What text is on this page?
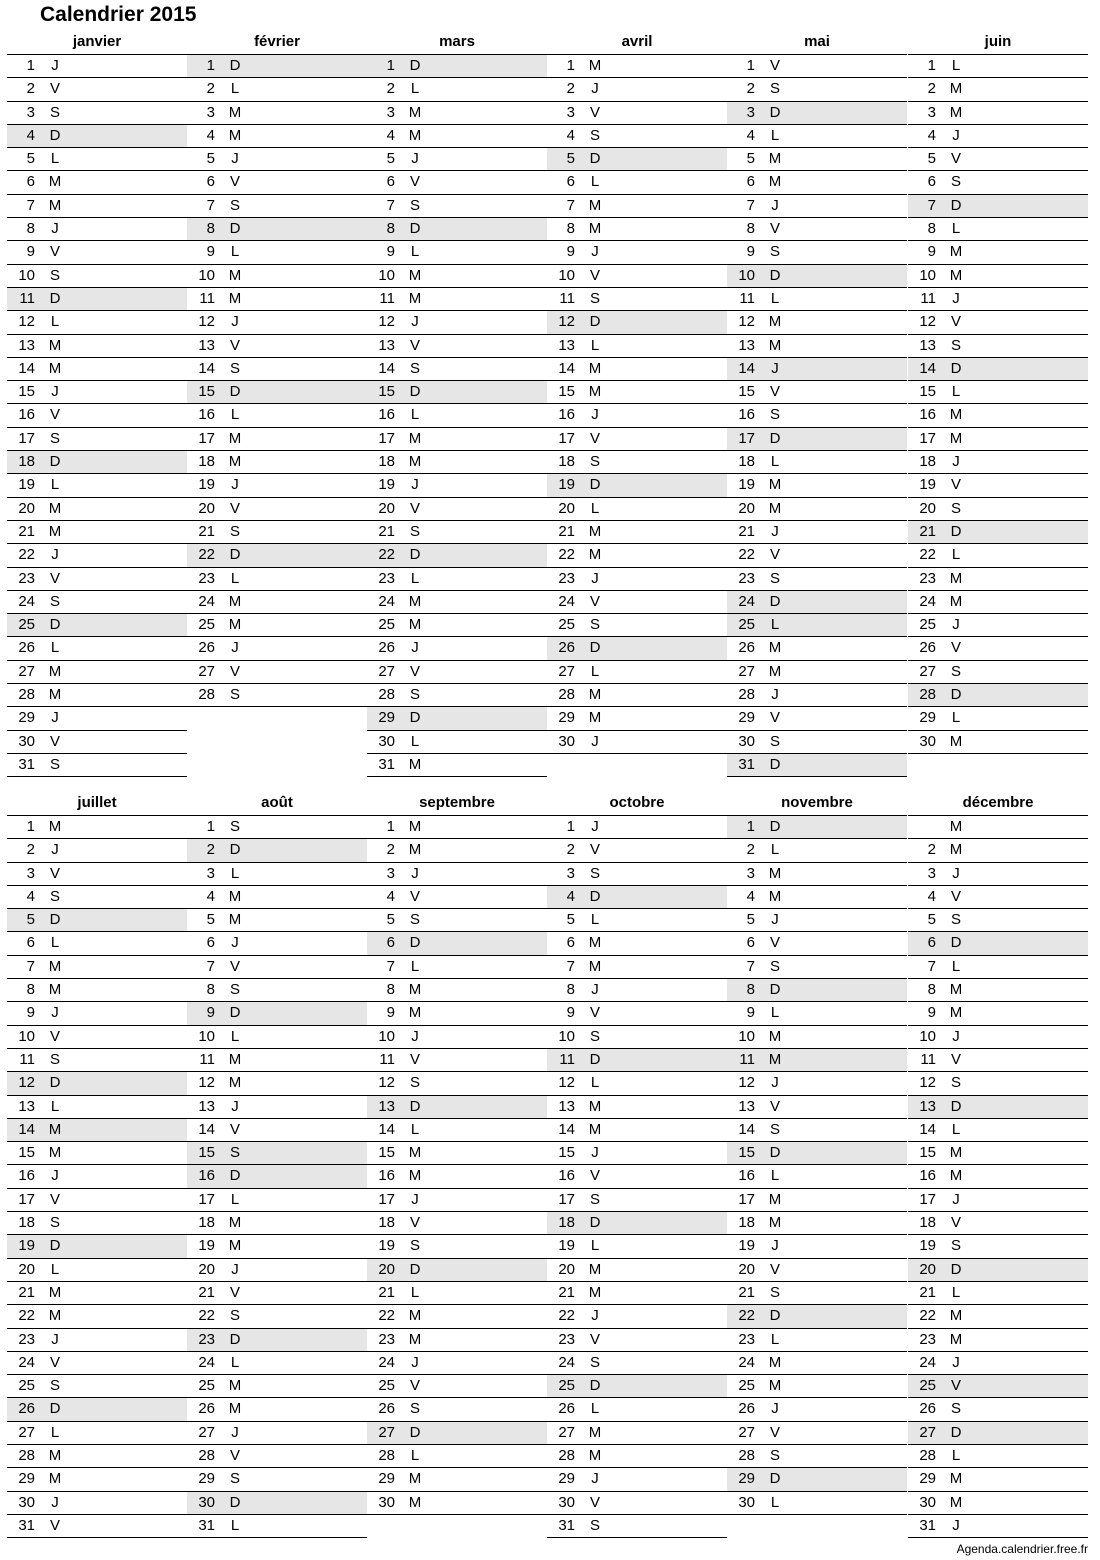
Calendrier 2015
janvier
1	J
2 V
3 S
4 D
5	L
6 M
7 M
8	J
9 V
10 S
11 D
12	L
13 M
14 M
15	J
16 V
17 S
18 D
19	L
20 M
21 M
22	J
23 V
24 S
25 D
26	L
27 M
28 M
29	J
30 V
31 S
février
1 D
2	L
3 M
4 M
5	J
6 V
7 S
8 D
9	L
10 M
11 M
12	J
13 V
14 S
15 D
16	L
17 M
18 M
19	J
20 V
21 S
22 D
23	L
24 M
25 M
26	J
27 V
28 S
mars
1 D
2	L
3 M
4 M
5	J
6 V
7 S
8 D
9	L
10 M
11 M
12	J
13 V
14 S
15 D
16	L
17 M
18 M
19	J
20 V
21 S
22 D
23	L
24 M
25 M
26	J
27 V
28 S
29 D
30	L
31 M
avril
1 M
2	J
3 V
4 S
5 D
6	L
7 M
8 M
9	J
10 V
11 S
12 D
13	L
14 M
15 M
16	J
17 V
18 S
19 D
20	L
21 M
22 M
23	J
24 V
25 S
26 D
27	L
28 M
29 M
30	J
mai
1 V
2 S
3 D
4	L
5 M
6 M
7	J
8 V
9 S
10 D
11	L
12 M
13 M
14	J
15 V
16 S
17 D
18	L
19 M
20 M
21	J
22 V
23 S
24 D
25	L
26 M
27 M
28	J
29 V
30 S
31 D
juin
1	L
2 M
3 M
4	J
5 V
6 S
7 D
8	L
9 M
10 M
11	J
12 V
13 S
14 D
15	L
16 M
17 M
18	J
19 V
20 S
21 D
22	L
23 M
24 M
25	J
26 V
27 S
28 D
29	L
30 M
juillet
1 M
2	J
3 V
4 S
5 D
6	L
7 M
8 M
9	J
10 V
11 S
12 D
13	L
14 M
15 M
16	J
17 V
18 S
19 D
20	L
21 M
22 M
23	J
24 V
25 S
26 D
27	L
28 M
29 M
30	J
31 V
août
1 S
2 D
3	L
4 M
5 M
6	J
7 V
8 S
9 D
10	L
11 M
12 M
13	J
14 V
15 S
16 D
17	L
18 M
19 M
20	J
21 V
22 S
23 D
24	L
25 M
26 M
27	J
28 V
29 S
30 D
31	L
septembre
1 M
2 M
3	J
4 V
5 S
6 D
7	L
8 M
9 M
10	J
11 V
12 S
13 D
14	L
15 M
16 M
17	J
18 V
19 S
20 D
21	L
22 M
23 M
24	J
25 V
26 S
27 D
28	L
29 M
30 M
octobre
1	J
2 V
3 S
4 D
5	L
6 M
7 M
8	J
9 V
10 S
11 D
12	L
13 M
14 M
15	J
16 V
17 S
18 D
19	L
20 M
21 M
22	J
23 V
24 S
25 D
26	L
27 M
28 M
29	J
30 V
31 S
novembre
1 D
2	L
3 M
4 M
5	J
6 V
7 S
8 D
9	L
10 M
11 M
12	J
13 V
14 S
15 D
16	L
17 M
18 M
19	J
20 V
21 S
22 D
23	L
24 M
25 M
26	J
27 V
28 S
29 D
30	L
décembre
M
2 M
3	J
4 V
5 S
6 D
7	L
8 M
9 M
10	J
11 V
12 S
13 D
14	L
15 M
16 M
17	J
18 V
19 S
20 D
21	L
22 M
23 M
24	J
25 V
26 S
27 D
28	L
29 M
30 M
31	J
Agenda.calendrier.free.fr
